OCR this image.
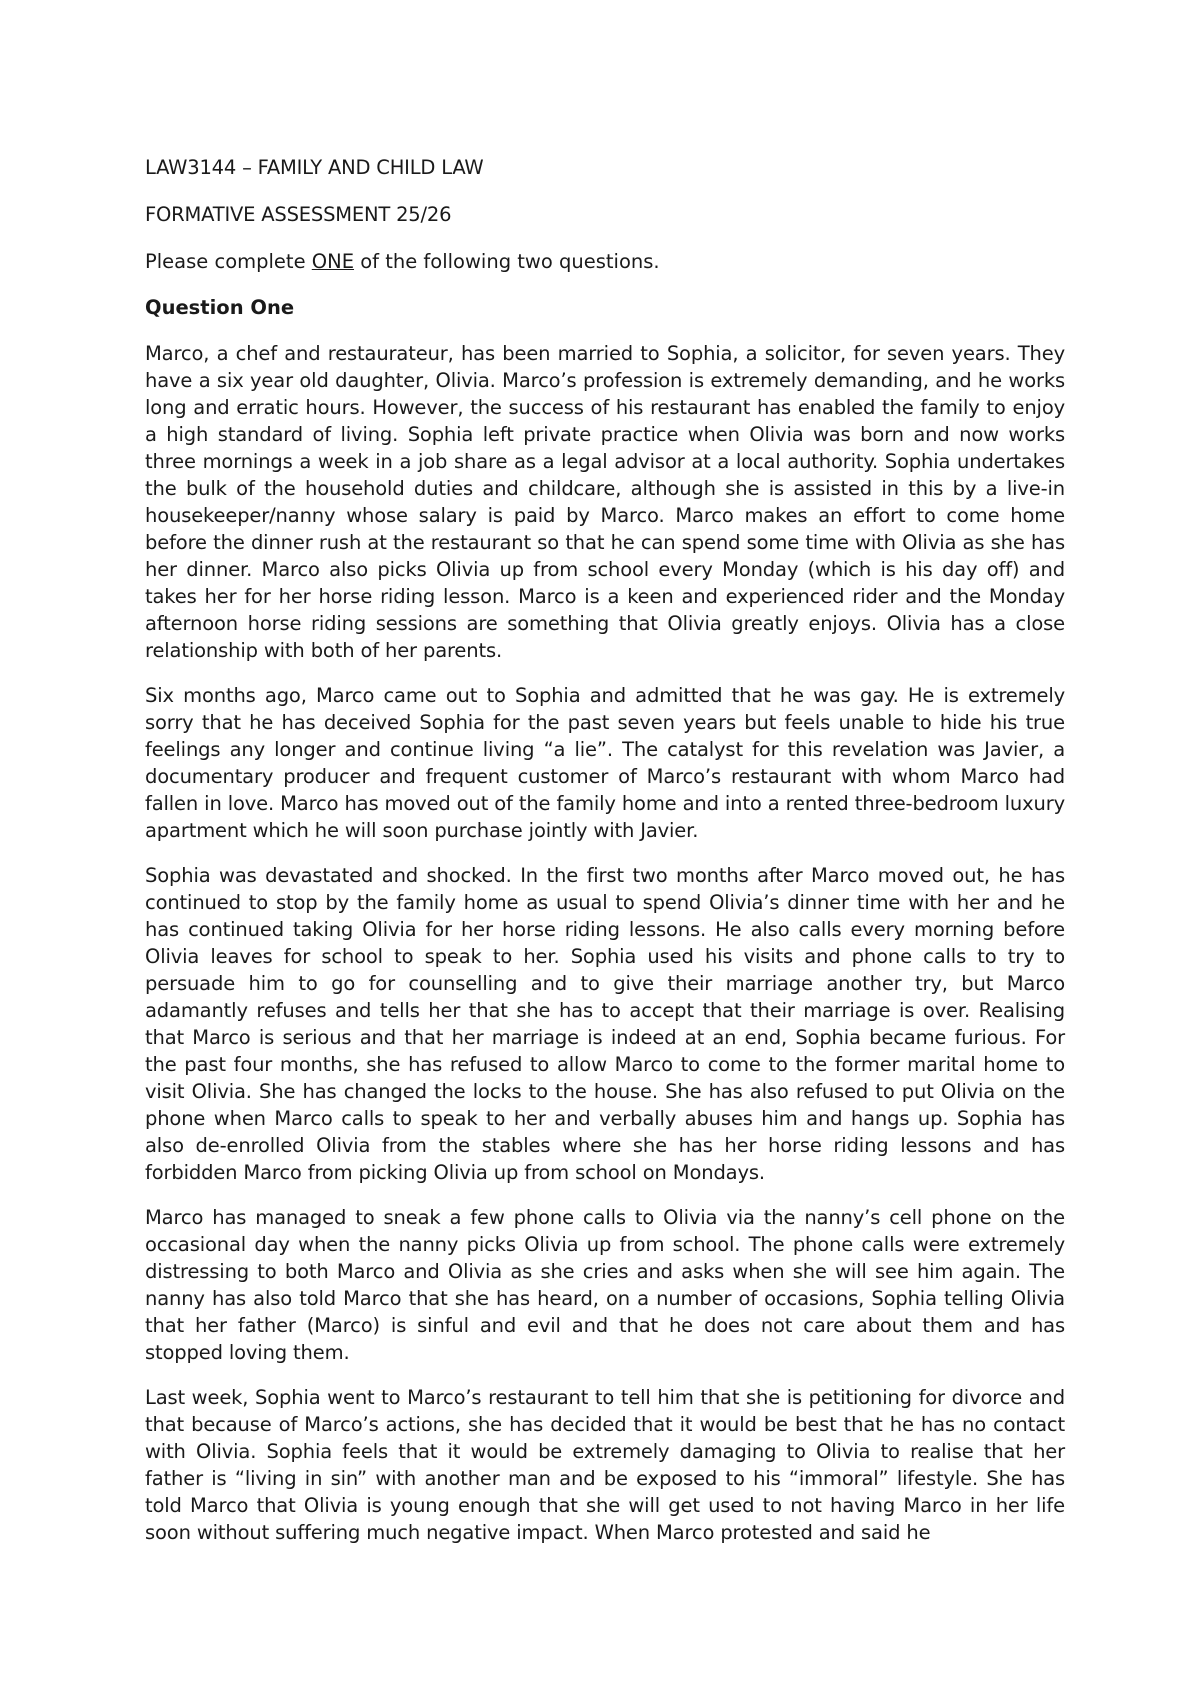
LAW3144 – FAMILY AND CHILD LAW

FORMATIVE ASSESSMENT 25/26

Please complete ONE of the following two questions.

Question One

Marco, a chef and restaurateur, has been married to Sophia, a solicitor, for seven years. They have a six year old daughter, Olivia. Marco’s profession is extremely demanding, and he works long and erratic hours. However, the success of his restaurant has enabled the family to enjoy a high standard of living. Sophia left private practice when Olivia was born and now works three mornings a week in a job share as a legal advisor at a local authority. Sophia undertakes the bulk of the household duties and childcare, although she is assisted in this by a live-in housekeeper/nanny whose salary is paid by Marco. Marco makes an effort to come home before the dinner rush at the restaurant so that he can spend some time with Olivia as she has her dinner. Marco also picks Olivia up from school every Monday (which is his day off) and takes her for her horse riding lesson. Marco is a keen and experienced rider and the Monday afternoon horse riding sessions are something that Olivia greatly enjoys. Olivia has a close relationship with both of her parents.

Six months ago, Marco came out to Sophia and admitted that he was gay. He is extremely sorry that he has deceived Sophia for the past seven years but feels unable to hide his true feelings any longer and continue living “a lie”. The catalyst for this revelation was Javier, a documentary producer and frequent customer of Marco’s restaurant with whom Marco had fallen in love. Marco has moved out of the family home and into a rented three-bedroom luxury apartment which he will soon purchase jointly with Javier.

Sophia was devastated and shocked. In the first two months after Marco moved out, he has continued to stop by the family home as usual to spend Olivia’s dinner time with her and he has continued taking Olivia for her horse riding lessons. He also calls every morning before Olivia leaves for school to speak to her. Sophia used his visits and phone calls to try to persuade him to go for counselling and to give their marriage another try, but Marco adamantly refuses and tells her that she has to accept that their marriage is over. Realising that Marco is serious and that her marriage is indeed at an end, Sophia became furious. For the past four months, she has refused to allow Marco to come to the former marital home to visit Olivia. She has changed the locks to the house. She has also refused to put Olivia on the phone when Marco calls to speak to her and verbally abuses him and hangs up. Sophia has also de-enrolled Olivia from the stables where she has her horse riding lessons and has forbidden Marco from picking Olivia up from school on Mondays.

Marco has managed to sneak a few phone calls to Olivia via the nanny’s cell phone on the occasional day when the nanny picks Olivia up from school. The phone calls were extremely distressing to both Marco and Olivia as she cries and asks when she will see him again. The nanny has also told Marco that she has heard, on a number of occasions, Sophia telling Olivia that her father (Marco) is sinful and evil and that he does not care about them and has stopped loving them.

Last week, Sophia went to Marco’s restaurant to tell him that she is petitioning for divorce and that because of Marco’s actions, she has decided that it would be best that he has no contact with Olivia. Sophia feels that it would be extremely damaging to Olivia to realise that her father is “living in sin” with another man and be exposed to his “immoral” lifestyle. She has told Marco that Olivia is young enough that she will get used to not having Marco in her life soon without suffering much negative impact. When Marco protested and said he
